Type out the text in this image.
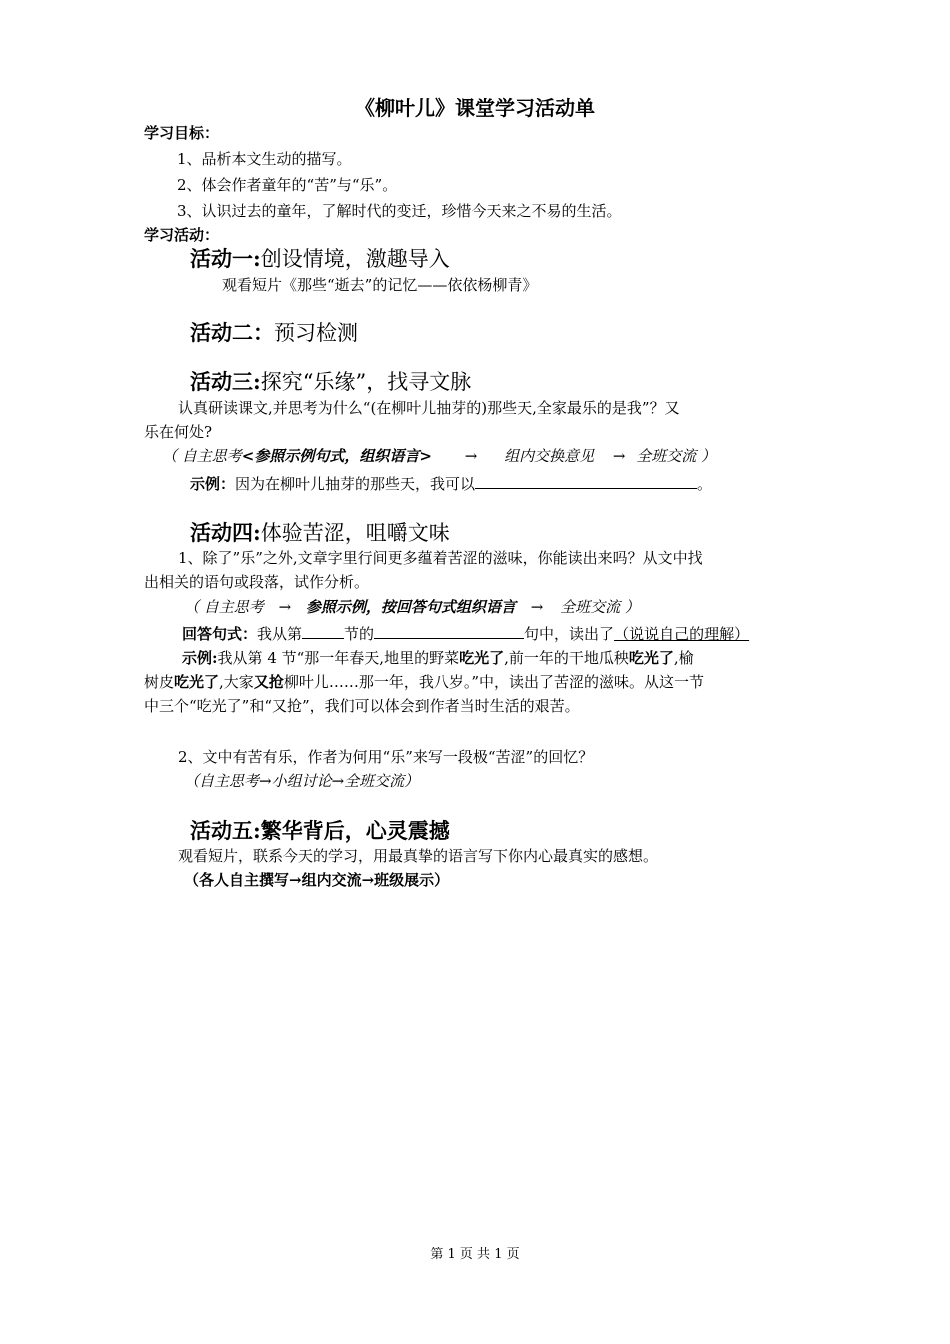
《柳叶儿》课堂学习活动单
学习目标：
1、品析本文生动的描写。
2、体会作者童年的“苦”与“乐”。
3、认识过去的童年，了解时代的变迁，珍惜今天来之不易的生活。
学习活动：
活动一:创设情境，激趣导入
观看短片《那些“逝去”的记忆——依依杨柳青》
活动二：预习检测
活动三:探究“乐缘”，找寻文脉
认真研读课文,并思考为什么“(在柳叶儿抽芽的)那些天,全家最乐的是我”？又
乐在何处?
（ 自主思考<参照示例句式，组织语言> → 组内交换意见 → 全班交流 ）
示例：因为在柳叶儿抽芽的那些天，我可以	。
活动四:体验苦涩，咀嚼文味
1、除了”乐”之外,文章字里行间更多蕴着苦涩的滋味，你能读出来吗？从文中找
出相关的语句或段落，试作分析。
（ 自主思考 → 参照示例，按回答句式组织语言 → 全班交流 ）
回答句式：我从第	节的	句中，读出了（说说自己的理解）
示例:我从第 4 节“那一年春天,地里的野菜吃光了,前一年的干地瓜秧吃光了,榆
树皮吃光了,大家又抢柳叶儿……那一年，我八岁。”中，读出了苦涩的滋味。从这一节
中三个“吃光了”和“又抢”，我们可以体会到作者当时生活的艰苦。
2、文中有苦有乐，作者为何用“乐”来写一段极“苦涩”的回忆？
（自主思考→小组讨论→全班交流）
活动五:繁华背后，心灵震撼
观看短片，联系今天的学习，用最真挚的语言写下你内心最真实的感想。
（各人自主撰写→组内交流→班级展示）
第 1 页 共 1 页
